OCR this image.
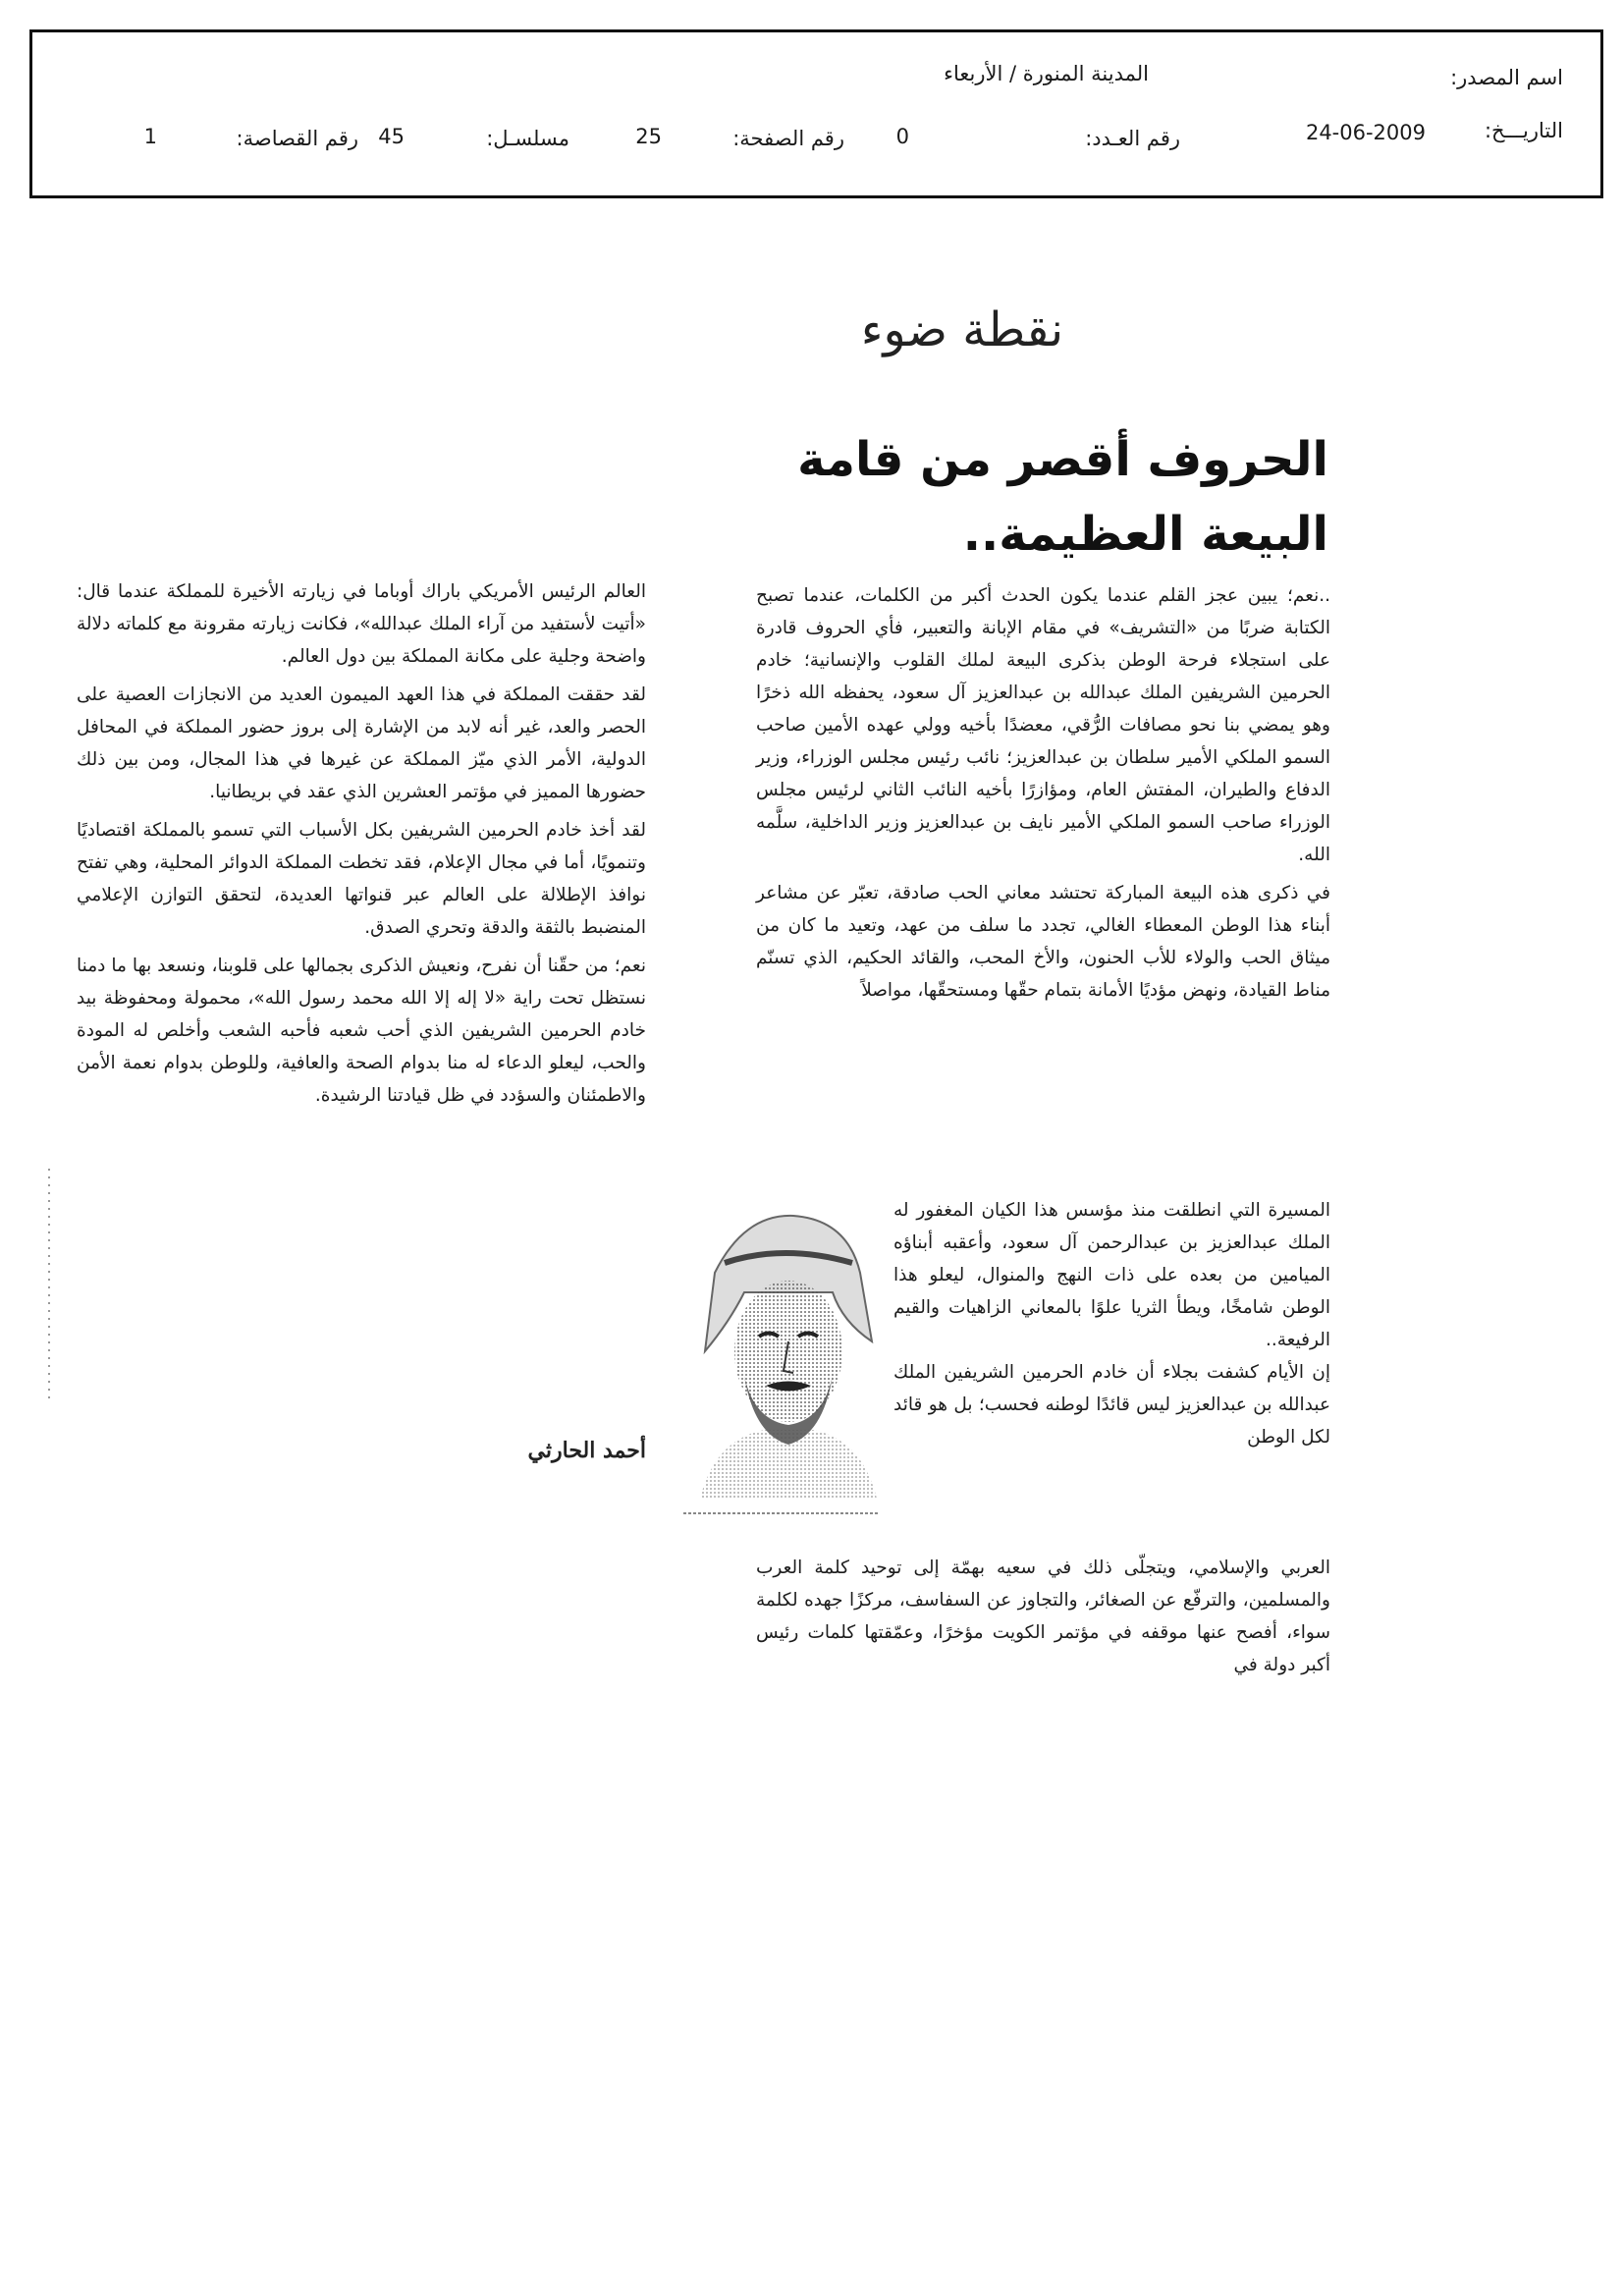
اسم المصدر:
المدينة المنورة / الأربعاء
التاريـــخ:
24-06-2009
رقم العـدد:
0
رقم الصفحة:
25
مسلسـل:
45
رقم القصاصة:
1
نقطة ضوء
الحروف أقصر من قامة
البيعة العظيمة..

..نعم؛ يبين عجز القلم عندما يكون الحدث أكبر من الكلمات، عندما تصبح الكتابة ضربًا من «التشريف» في مقام الإبانة والتعبير، فأي الحروف قادرة على استجلاء فرحة الوطن بذكرى البيعة لملك القلوب والإنسانية؛ خادم الحرمين الشريفين الملك عبدالله بن عبدالعزيز آل سعود، يحفظه الله ذخرًا وهو يمضي بنا نحو مصافات الرُّقي، معضدًا بأخيه وولي عهده الأمين صاحب السمو الملكي الأمير سلطان بن عبدالعزيز؛ نائب رئيس مجلس الوزراء، وزير الدفاع والطيران، المفتش العام، ومؤازرًا بأخيه النائب الثاني لرئيس مجلس الوزراء صاحب السمو الملكي الأمير نايف بن عبدالعزيز وزير الداخلية، سلَّمه الله.

في ذكرى هذه البيعة المباركة تحتشد معاني الحب صادقة، تعبّر عن مشاعر أبناء هذا الوطن المعطاء الغالي، تجدد ما سلف من عهد، وتعيد ما كان من ميثاق الحب والولاء للأب الحنون، والأخ المحب، والقائد الحكيم، الذي تسنّم مناط القيادة، ونهض مؤديًا الأمانة بتمام حقّها ومستحقّها، مواصلاً

المسيرة التي انطلقت منذ مؤسس هذا الكيان المغفور له الملك عبدالعزيز بن عبدالرحمن آل سعود، وأعقبه أبناؤه الميامين من بعده على ذات النهج والمنوال، ليعلو هذا الوطن شامخًا، ويطأ الثريا علوًا بالمعاني الزاهيات والقيم الرفيعة..

إن الأيام كشفت بجلاء أن خادم الحرمين الشريفين الملك عبدالله بن عبدالعزيز ليس قائدًا لوطنه فحسب؛ بل هو قائد لكل الوطن

العربي والإسلامي، ويتجلّى ذلك في سعيه بهمّة إلى توحيد كلمة العرب والمسلمين، والترفّع عن الصغائر، والتجاوز عن السفاسف، مركزًا جهده لكلمة سواء، أفصح عنها موقفه في مؤتمر الكويت مؤخرًا، وعمّقتها كلمات رئيس أكبر دولة في

العالم الرئيس الأمريكي باراك أوباما في زيارته الأخيرة للمملكة عندما قال: «أتيت لأستفيد من آراء الملك عبدالله»، فكانت زيارته مقرونة مع كلماته دلالة واضحة وجلية على مكانة المملكة بين دول العالم.

لقد حققت المملكة في هذا العهد الميمون العديد من الانجازات العصية على الحصر والعد، غير أنه لابد من الإشارة إلى بروز حضور المملكة في المحافل الدولية، الأمر الذي ميّز المملكة عن غيرها في هذا المجال، ومن بين ذلك حضورها المميز في مؤتمر العشرين الذي عقد في بريطانيا.

لقد أخذ خادم الحرمين الشريفين بكل الأسباب التي تسمو بالمملكة اقتصاديًا وتنمويًا، أما في مجال الإعلام، فقد تخطت المملكة الدوائر المحلية، وهي تفتح نوافذ الإطلالة على العالم عبر قنواتها العديدة، لتحقق التوازن الإعلامي المنضبط بالثقة والدقة وتحري الصدق.

نعم؛ من حقّنا أن نفرح، ونعيش الذكرى بجمالها على قلوبنا، ونسعد بها ما دمنا نستظل تحت راية «لا إله إلا الله محمد رسول الله»، محمولة ومحفوظة بيد خادم الحرمين الشريفين الذي أحب شعبه فأحبه الشعب وأخلص له المودة والحب، ليعلو الدعاء له منا بدوام الصحة والعافية، وللوطن بدوام نعمة الأمن والاطمئنان والسؤدد في ظل قيادتنا الرشيدة.

أحمد الحارثي
